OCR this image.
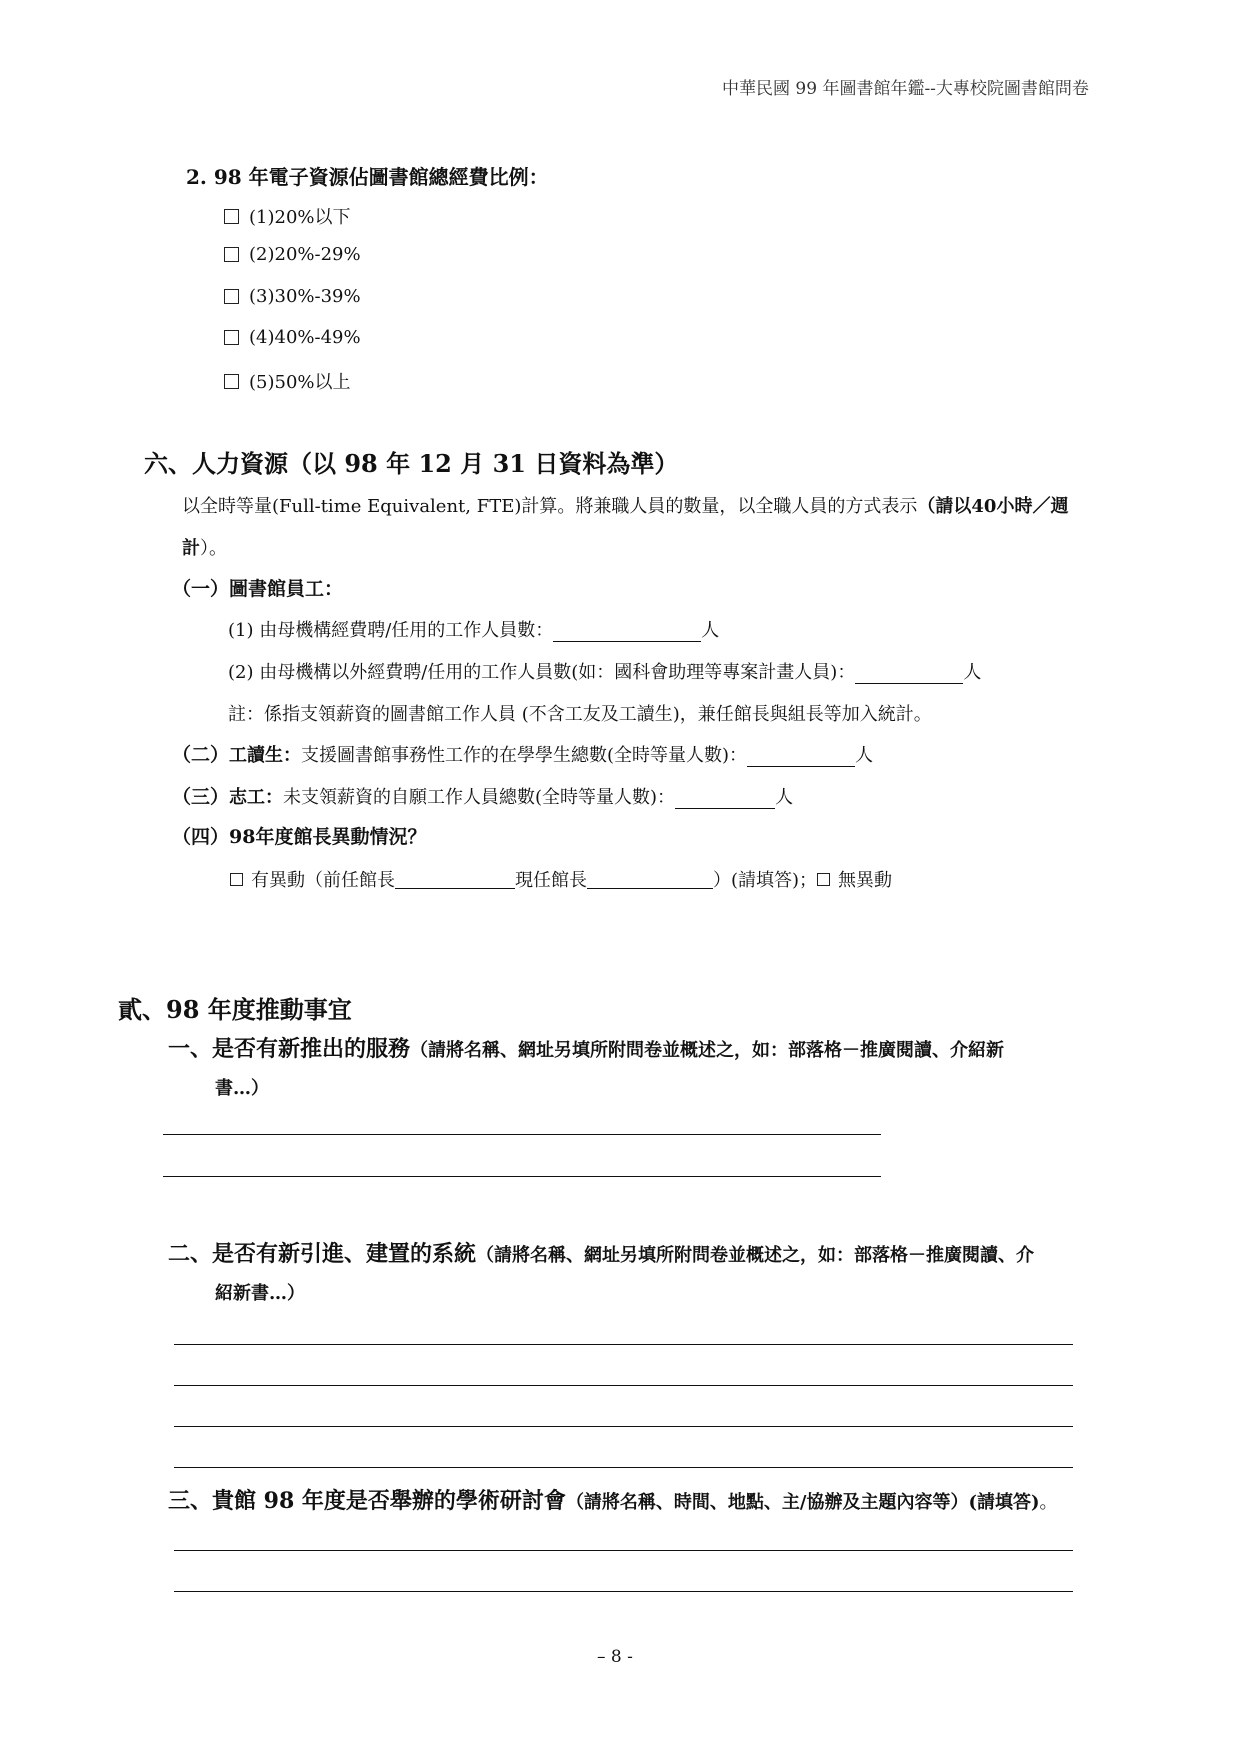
中華民國 99 年圖書館年鑑--大專校院圖書館問卷
2. 98 年電子資源佔圖書館總經費比例：
(1)20%以下
(2)20%-29%
(3)30%-39%
(4)40%-49%
(5)50%以上
六、人力資源（以 98 年 12 月 31 日資料為準）
以全時等量(Full-time Equivalent, FTE)計算。將兼職人員的數量，以全職人員的方式表示（請以40小時／週
計）。
（一）圖書館員工：
(1) 由母機構經費聘/任用的工作人員數：	人
(2) 由母機構以外經費聘/任用的工作人員數(如：國科會助理等專案計畫人員)：	人
註：係指支領薪資的圖書館工作人員 (不含工友及工讀生)，兼任館長與組長等加入統計。
（二）工讀生：支援圖書館事務性工作的在學學生總數(全時等量人數)：	人
（三）志工：未支領薪資的自願工作人員總數(全時等量人數)：	人
（四）98年度館長異動情況？
有異動（前任館長	現任館長	）(請填答)； 無異動
貳、98 年度推動事宜
一、是否有新推出的服務（請將名稱、網址另填所附問卷並概述之，如：部落格－推廣閱讀、介紹新
書…）
二、是否有新引進、建置的系統（請將名稱、網址另填所附問卷並概述之，如：部落格－推廣閱讀、介
紹新書…）
三、貴館 98 年度是否舉辦的學術研討會（請將名稱、時間、地點、主/協辦及主題內容等）(請填答)。
– 8 -
